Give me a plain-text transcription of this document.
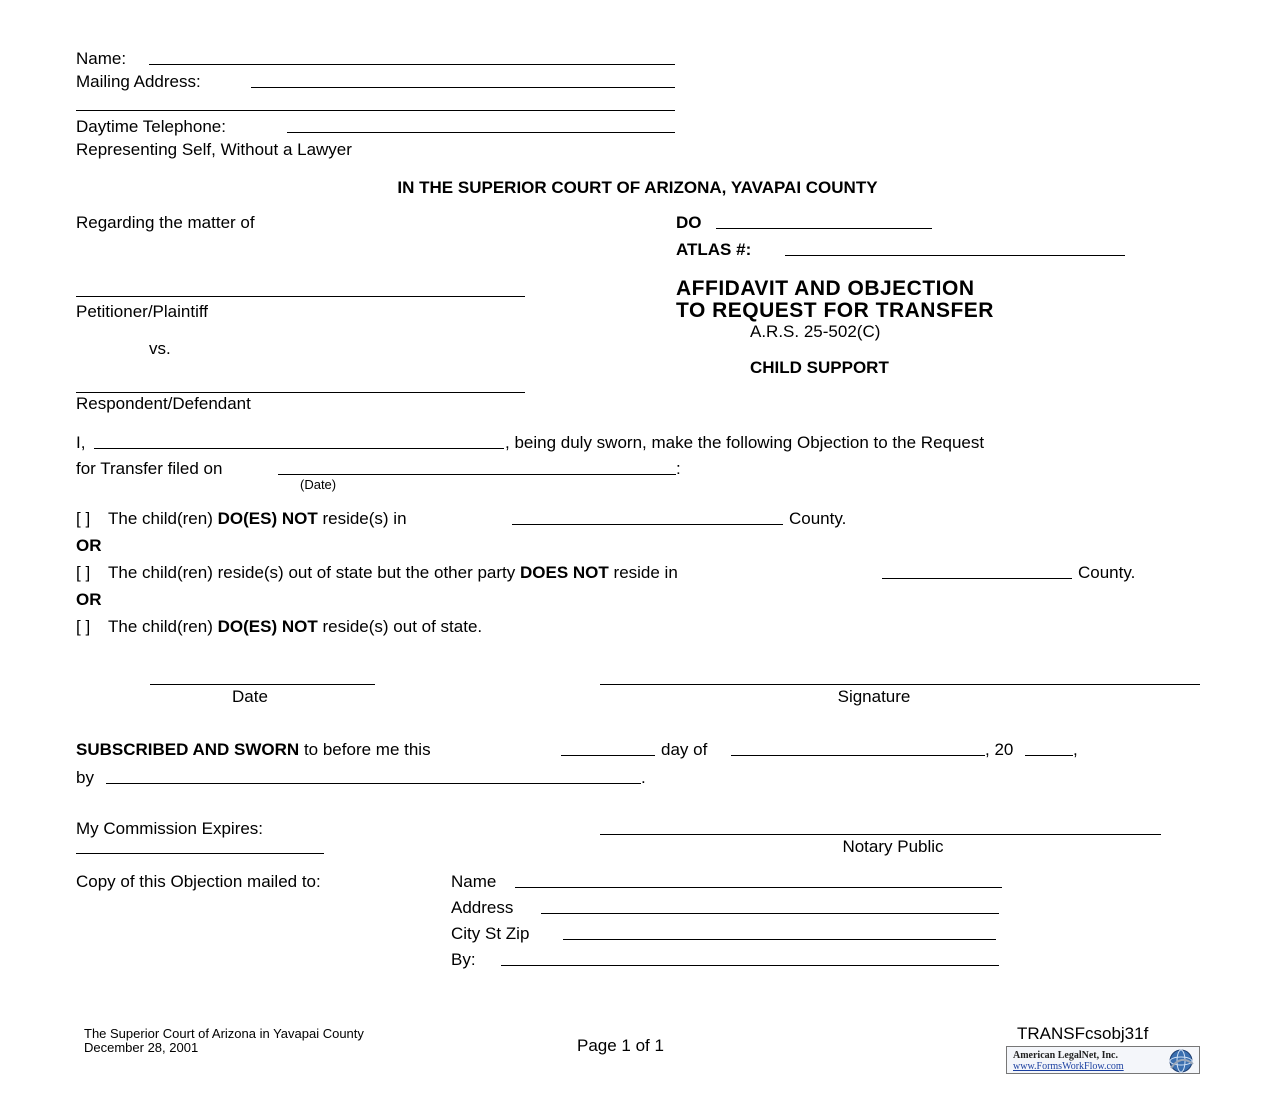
Name:
Mailing Address:
Daytime Telephone:
Representing Self, Without a Lawyer
IN THE SUPERIOR COURT OF ARIZONA, YAVAPAI COUNTY
Regarding the matter of
Petitioner/Plaintiff
vs.
Respondent/Defendant
DO
ATLAS #:
AFFIDAVIT AND OBJECTION
TO REQUEST FOR TRANSFER
A.R.S. 25-502(C)
CHILD SUPPORT
I,	, being duly sworn, make the following Objection to the Request
for Transfer filed on	:
(Date)
[ ] The child(ren) DO(ES) NOT reside(s) in	County.
OR
[ ] The child(ren) reside(s) out of state but the other party DOES NOT reside in	County.
OR
[ ] The child(ren) DO(ES) NOT reside(s) out of state.
Date	Signature
SUBSCRIBED AND SWORN to before me this	day of	, 20	,
by	.
My Commission Expires:
Notary Public
Copy of this Objection mailed to:	Name
Address
City St Zip
By:
The Superior Court of Arizona in Yavapai County
December 28, 2001	Page 1 of 1
TRANSFcsobj31f
American LegalNet, Inc.
www.FormsWorkFlow.com
